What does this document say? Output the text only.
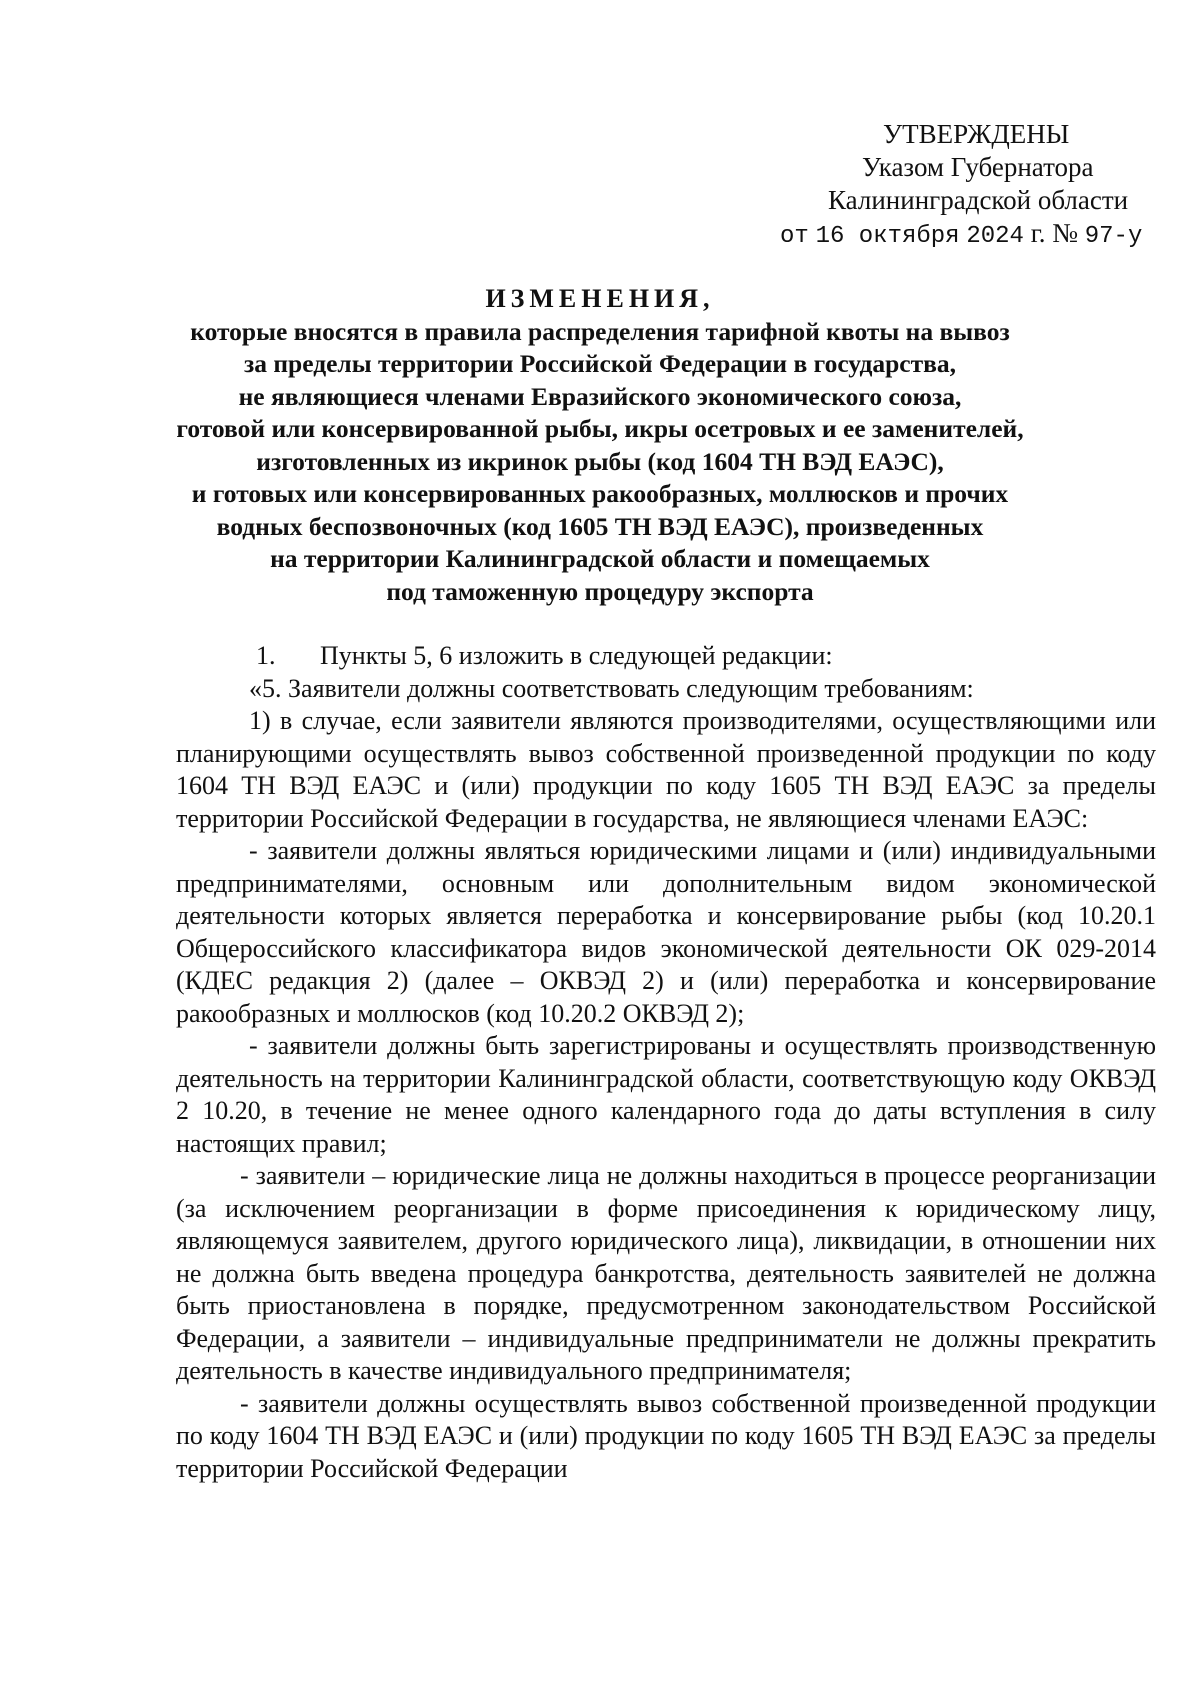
УТВЕРЖДЕНЫ
Указом Губернатора
Калининградской области
от 16 октября 2024 г. № 97-у
ИЗМЕНЕНИЯ,
которые вносятся в правила распределения тарифной квоты на вывоз
за пределы территории Российской Федерации в государства,
не являющиеся членами Евразийского экономического союза,
готовой или консервированной рыбы, икры осетровых и ее заменителей,
изготовленных из икринок рыбы (код 1604 ТН ВЭД ЕАЭС),
и готовых или консервированных ракообразных, моллюсков и прочих
водных беспозвоночных (код 1605 ТН ВЭД ЕАЭС), произведенных
на территории Калининградской области и помещаемых
под таможенную процедуру экспорта
1. Пункты 5, 6 изложить в следующей редакции:
«5. Заявители должны соответствовать следующим требованиям:
1) в случае, если заявители являются производителями, осуществляющими или планирующими осуществлять вывоз собственной произведенной продукции по коду 1604 ТН ВЭД ЕАЭС и (или) продукции по коду 1605 ТН ВЭД ЕАЭС за пределы территории Российской Федерации в государства, не являющиеся членами ЕАЭС:
- заявители должны являться юридическими лицами и (или) индивидуальными предпринимателями, основным или дополнительным видом экономической деятельности которых является переработка и консервирование рыбы (код 10.20.1 Общероссийского классификатора видов экономической деятельности ОК 029-2014 (КДЕС редакция 2) (далее – ОКВЭД 2) и (или) переработка и консервирование ракообразных и моллюсков (код 10.20.2 ОКВЭД 2);
- заявители должны быть зарегистрированы и осуществлять производственную деятельность на территории Калининградской области, соответствующую коду ОКВЭД 2 10.20, в течение не менее одного календарного года до даты вступления в силу настоящих правил;
- заявители – юридические лица не должны находиться в процессе реорганизации (за исключением реорганизации в форме присоединения к юридическому лицу, являющемуся заявителем, другого юридического лица), ликвидации, в отношении них не должна быть введена процедура банкротства, деятельность заявителей не должна быть приостановлена в порядке, предусмотренном законодательством Российской Федерации, а заявители – индивидуальные предприниматели не должны прекратить деятельность в качестве индивидуального предпринимателя;
- заявители должны осуществлять вывоз собственной произведенной продукции по коду 1604 ТН ВЭД ЕАЭС и (или) продукции по коду 1605 ТН ВЭД ЕАЭС за пределы территории Российской Федерации
